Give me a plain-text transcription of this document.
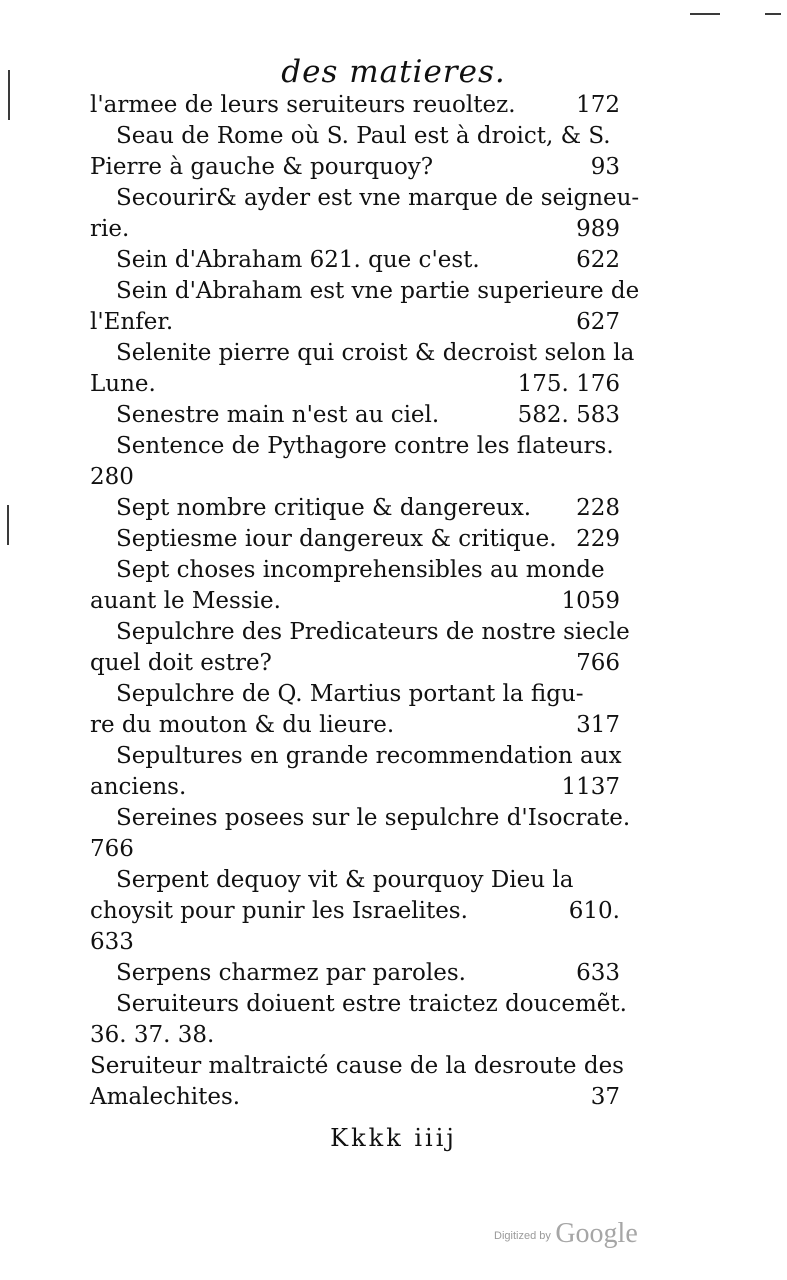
des matieres.
l'armee de leurs seruiteurs reuoltez.	172
Seau de Rome où S. Paul est à droict, & S.
Pierre à gauche & pourquoy?	93
Secourir& ayder est vne marque de seigneu-
rie.	989
Sein d'Abraham 621. que c'est.	622
Sein d'Abraham est vne partie superieure de
l'Enfer.	627
Selenite pierre qui croist & decroist selon la
Lune.	175. 176
Senestre main n'est au ciel.	582. 583
Sentence de Pythagore contre les flateurs.
280
Sept nombre critique & dangereux. 228
Septiesme iour dangereux & critique. 229
Sept choses incomprehensibles au monde
auant le Messie.	1059
Sepulchre des Predicateurs de nostre siecle
quel doit estre?	766
Sepulchre de Q. Martius portant la figu-
re du mouton & du lieure.	317
Sepultures en grande recommendation aux
anciens.	1137
Sereines posees sur le sepulchre d'Isocrate.
766
Serpent dequoy vit & pourquoy Dieu la
choysit pour punir les Israelites.	610.
633
Serpens charmez par paroles.	633
Seruiteurs doiuent estre traictez doucemẽt.
36. 37. 38.
Seruiteur maltraicté cause de la desroute des
Amalechites.	37
Kkkk iiij
Digitized by Google
